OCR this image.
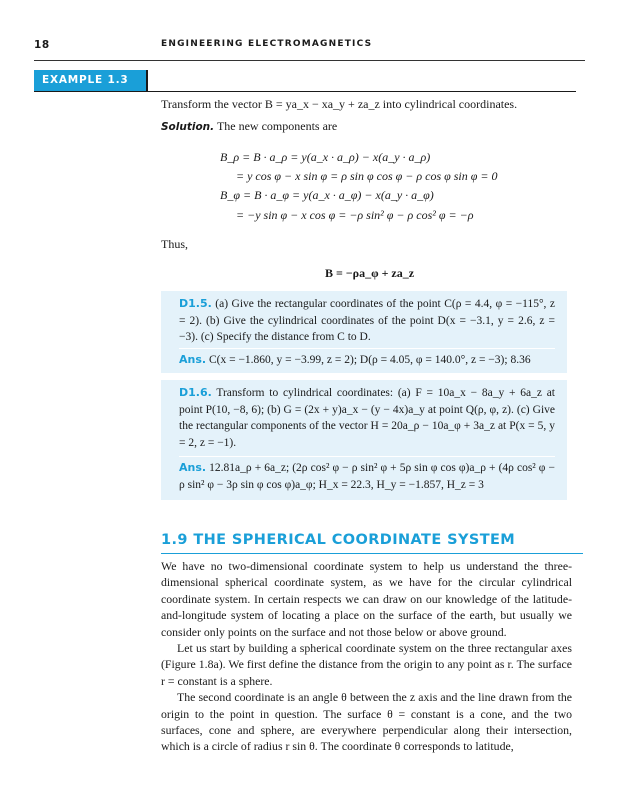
18	ENGINEERING ELECTROMAGNETICS
EXAMPLE 1.3
Transform the vector B = ya_x − xa_y + za_z into cylindrical coordinates.
Solution. The new components are
B_ρ = B · a_ρ = y(a_x · a_ρ) − x(a_y · a_ρ)
= y cos φ − x sin φ = ρ sin φ cos φ − ρ cos φ sin φ = 0
B_φ = B · a_φ = y(a_x · a_φ) − x(a_y · a_φ)
= −y sin φ − x cos φ = −ρ sin² φ − ρ cos² φ = −ρ
Thus,
B = −ρa_φ + za_z
D1.5. (a) Give the rectangular coordinates of the point C(ρ = 4.4, φ = −115°, z = 2). (b) Give the cylindrical coordinates of the point D(x = −3.1, y = 2.6, z = −3). (c) Specify the distance from C to D.
Ans. C(x = −1.860, y = −3.99, z = 2); D(ρ = 4.05, φ = 140.0°, z = −3); 8.36
D1.6. Transform to cylindrical coordinates: (a) F = 10a_x − 8a_y + 6a_z at point P(10, −8, 6); (b) G = (2x + y)a_x − (y − 4x)a_y at point Q(ρ, φ, z). (c) Give the rectangular components of the vector H = 20a_ρ − 10a_φ + 3a_z at P(x = 5, y = 2, z = −1).
Ans. 12.81a_ρ + 6a_z; (2ρ cos² φ − ρ sin² φ + 5ρ sin φ cos φ)a_ρ + (4ρ cos² φ − ρ sin² φ − 3ρ sin φ cos φ)a_φ; H_x = 22.3, H_y = −1.857, H_z = 3
1.9 THE SPHERICAL COORDINATE SYSTEM

We have no two-dimensional coordinate system to help us understand the three-dimensional spherical coordinate system, as we have for the circular cylindrical coordinate system. In certain respects we can draw on our knowledge of the latitude-and-longitude system of locating a place on the surface of the earth, but usually we consider only points on the surface and not those below or above ground.

Let us start by building a spherical coordinate system on the three rectangular axes (Figure 1.8a). We first define the distance from the origin to any point as r. The surface r = constant is a sphere.

The second coordinate is an angle θ between the z axis and the line drawn from the origin to the point in question. The surface θ = constant is a cone, and the two surfaces, cone and sphere, are everywhere perpendicular along their intersection, which is a circle of radius r sin θ. The coordinate θ corresponds to latitude,
